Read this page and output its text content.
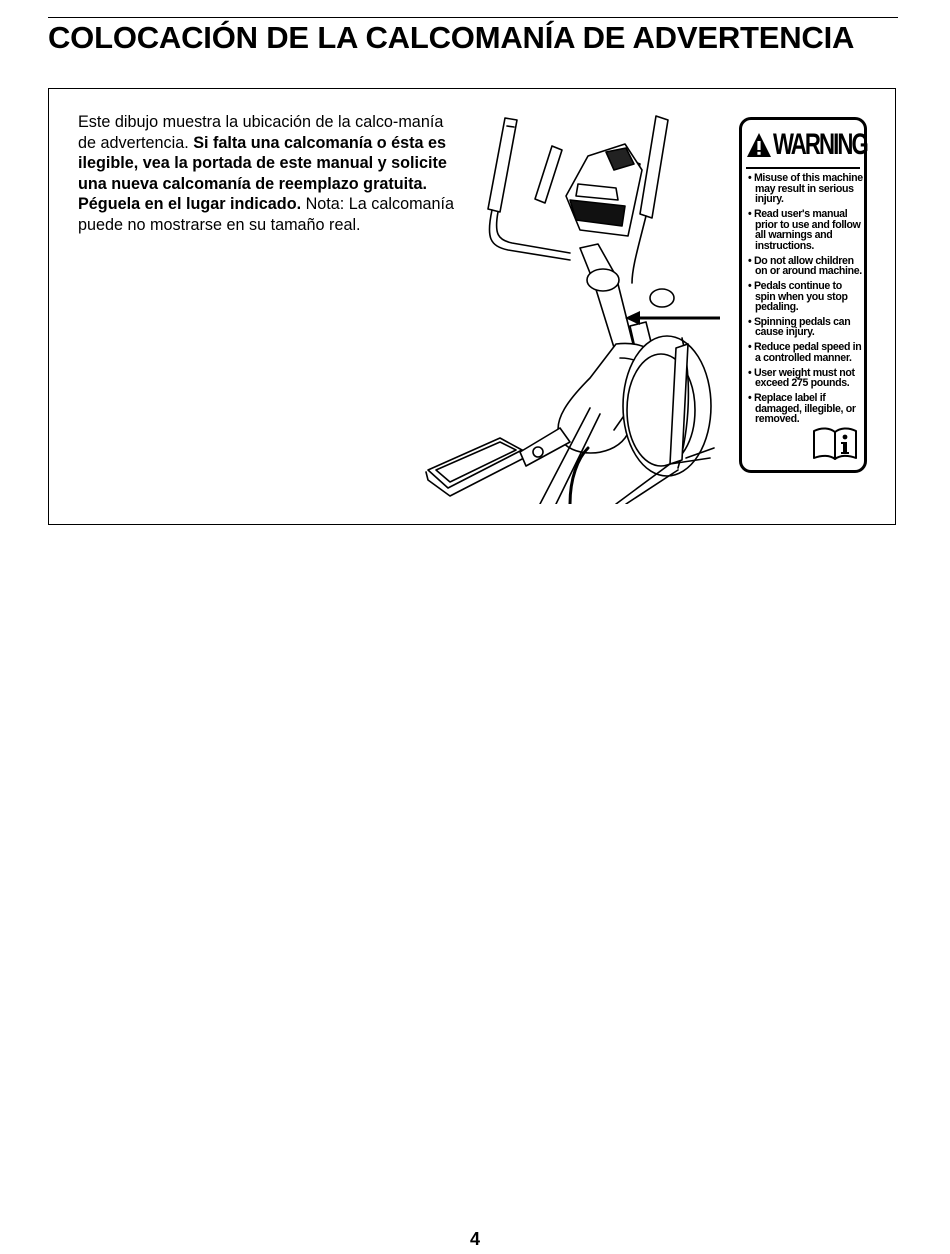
COLOCACIÓN DE LA CALCOMANÍA DE ADVERTENCIA

Este dibujo muestra la ubicación de la calco-manía de advertencia. Si falta una calcomanía o ésta es ilegible, vea la portada de este manual y solicite una nueva calcomanía de reemplazo gratuita. Péguela en el lugar indicado. Nota: La calcomanía puede no mostrarse en su tamaño real.

WARNING
• Misuse of this machine may result in serious injury.
• Read user's manual prior to use and follow all warnings and instructions.
• Do not allow children on or around machine.
• Pedals continue to spin when you stop pedaling.
• Spinning pedals can cause injury.
• Reduce pedal speed in a controlled manner.
• User weight must not exceed 275 pounds.
• Replace label if damaged, illegible, or removed.
4
